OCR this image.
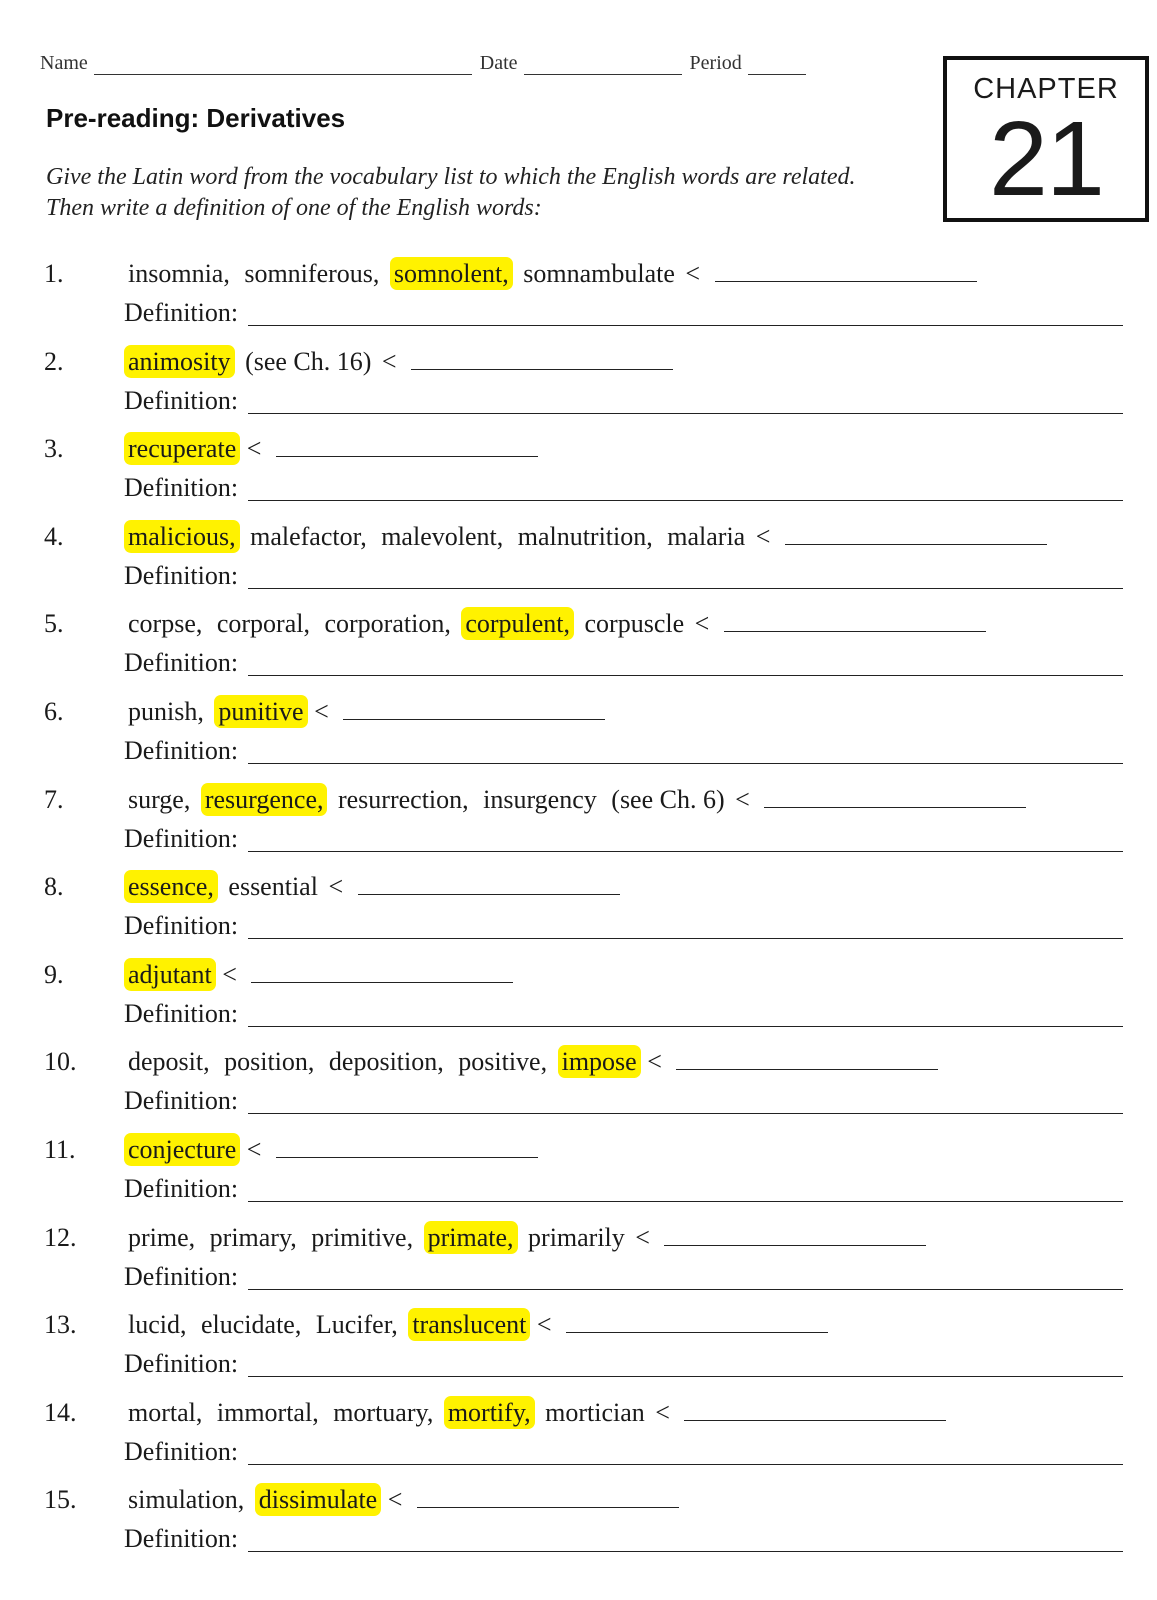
Name	Date	Period
CHAPTER
21
Pre-reading: Derivatives

Give the Latin word from the vocabulary list to which the English words are related. Then write a definition of one of the English words:

1. insomnia, somniferous, somnolent, somnambulate <
Definition:
2. animosity (see Ch. 16) <
Definition:
3. recuperate <
Definition:
4. malicious, malefactor, malevolent, malnutrition, malaria <
Definition:
5. corpse, corporal, corporation, corpulent, corpuscle <
Definition:
6. punish, punitive <
Definition:
7. surge, resurgence, resurrection, insurgency (see Ch. 6) <
Definition:
8. essence, essential <
Definition:
9. adjutant <
Definition:
10. deposit, position, deposition, positive, impose <
Definition:
11. conjecture <
Definition:
12. prime, primary, primitive, primate, primarily <
Definition:
13. lucid, elucidate, Lucifer, translucent <
Definition:
14. mortal, immortal, mortuary, mortify, mortician <
Definition:
15. simulation, dissimulate <
Definition:
